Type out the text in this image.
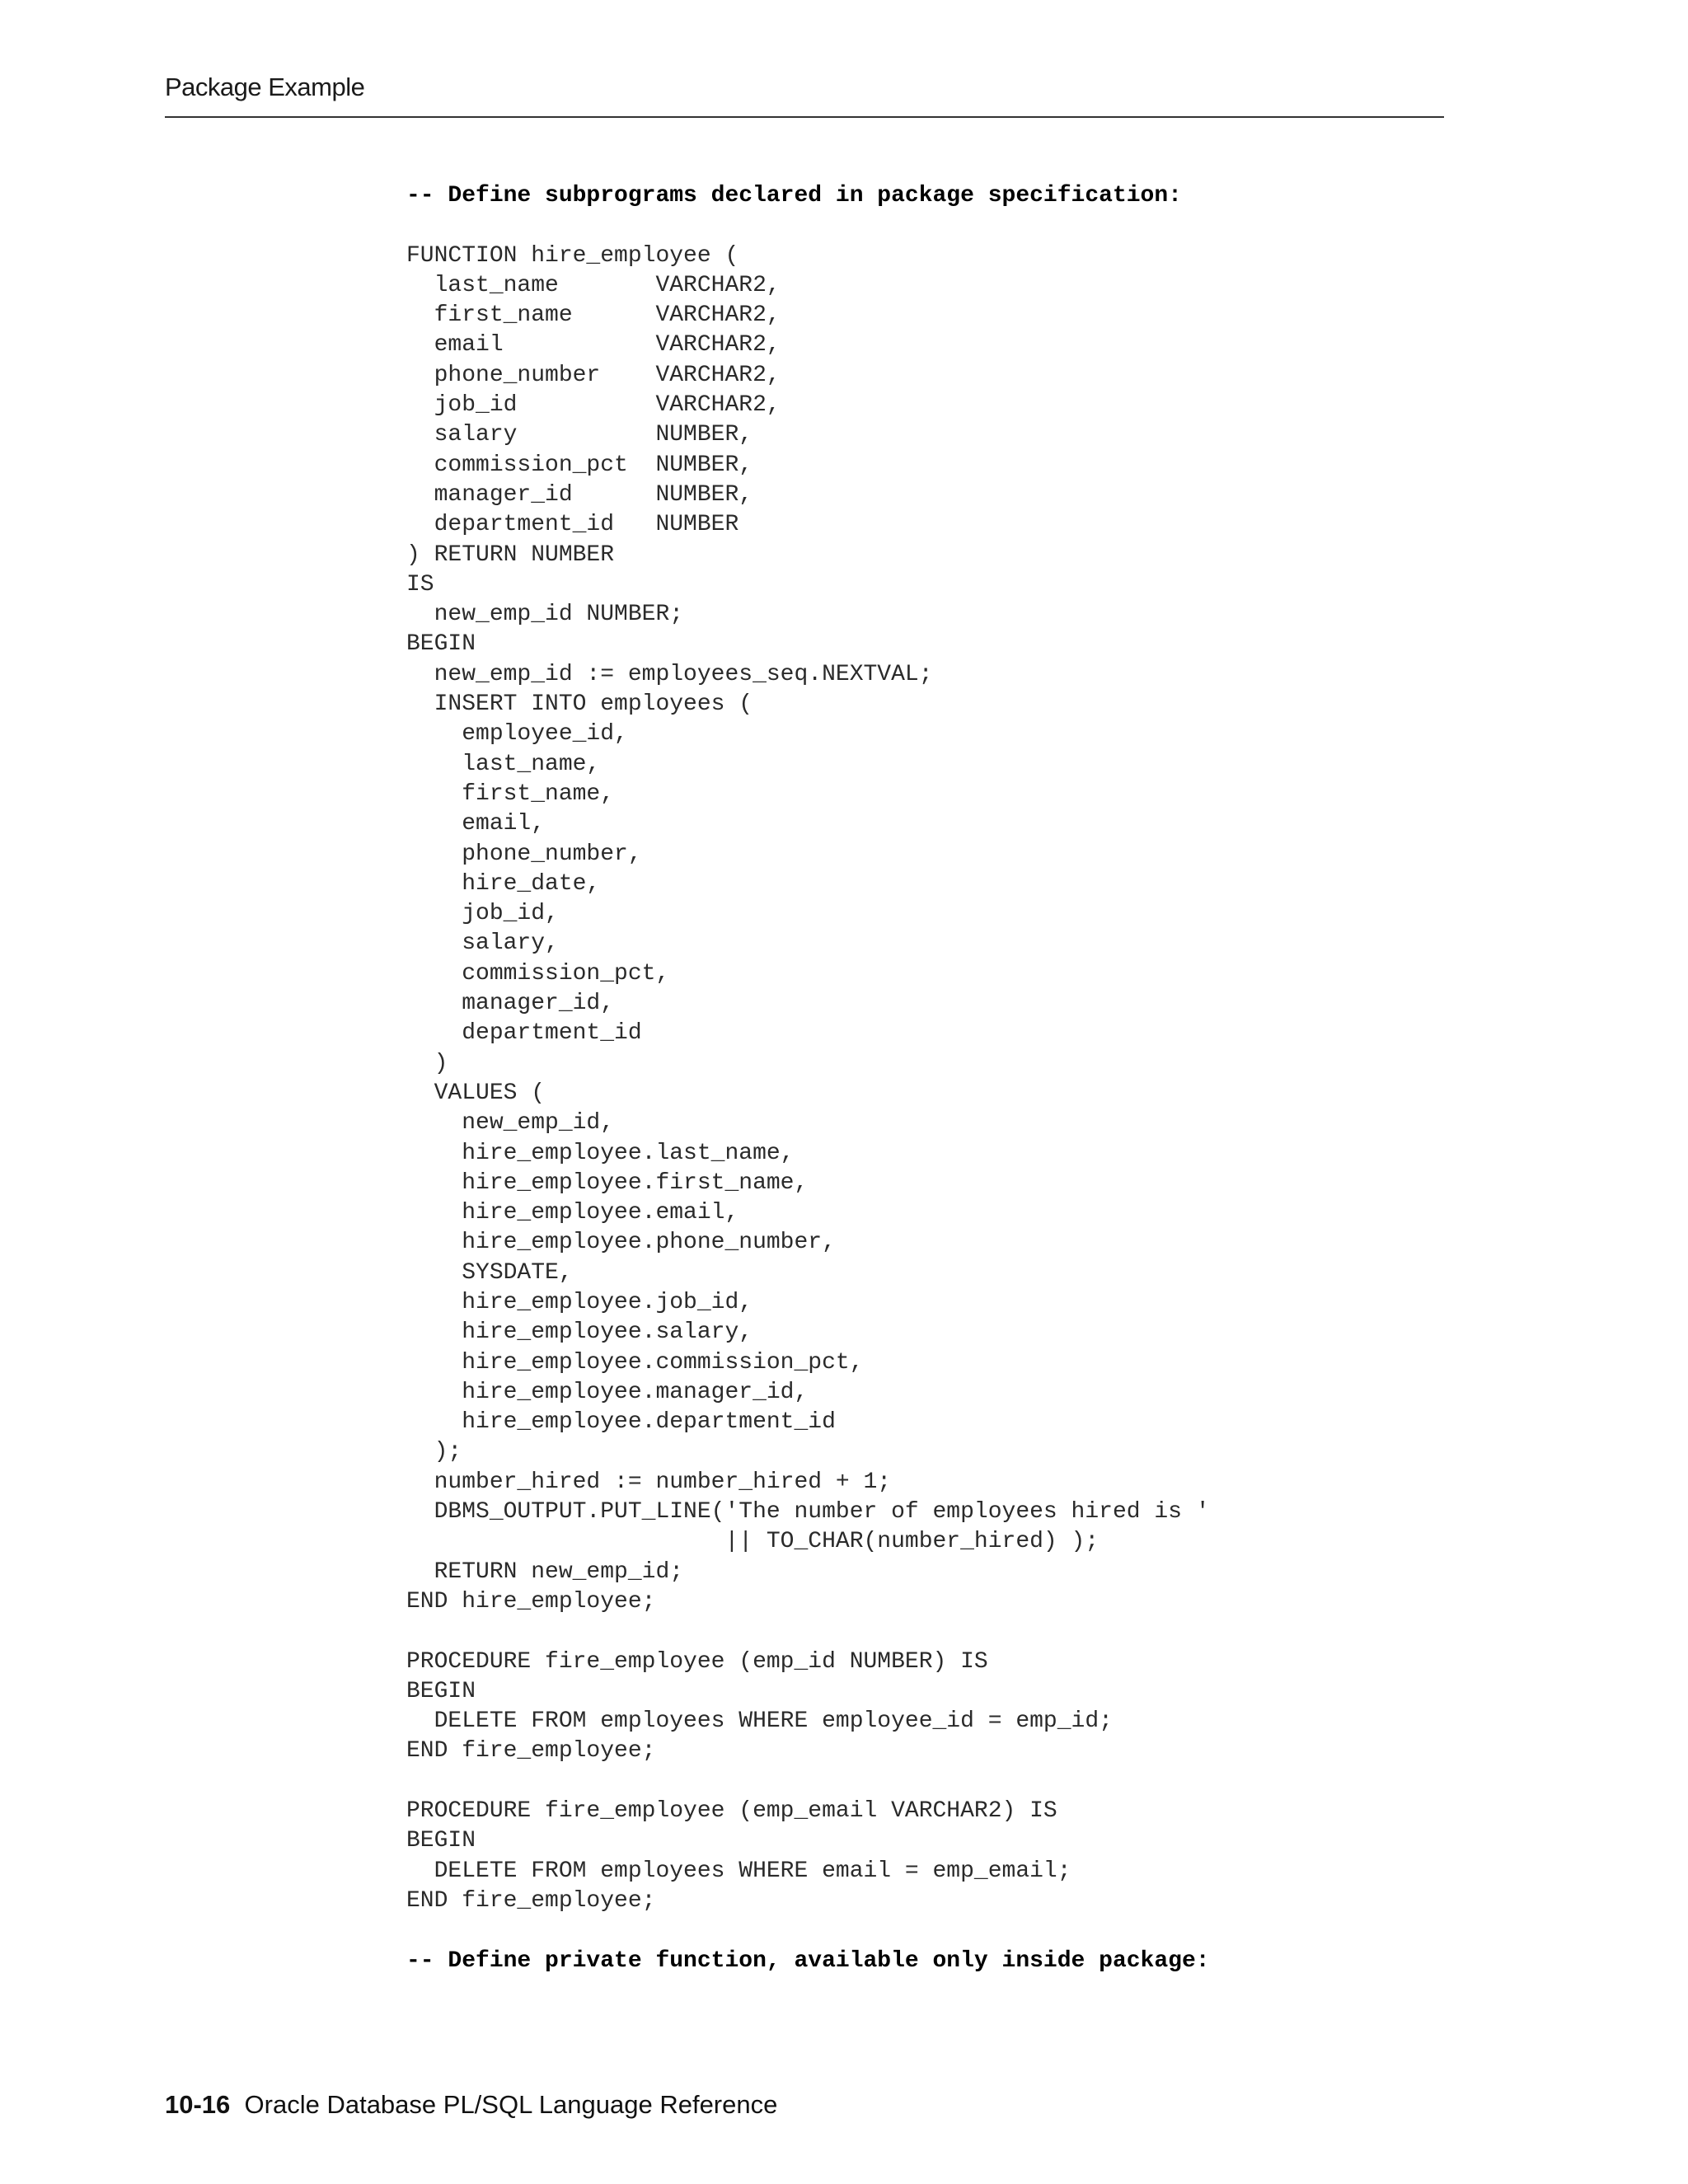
Package Example
-- Define subprograms declared in package specification:

FUNCTION hire_employee (
last_name       VARCHAR2,
first_name      VARCHAR2,
email           VARCHAR2,
phone_number    VARCHAR2,
job_id          VARCHAR2,
salary          NUMBER,
commission_pct  NUMBER,
manager_id      NUMBER,
department_id   NUMBER
) RETURN NUMBER
IS
new_emp_id NUMBER;
BEGIN
new_emp_id := employees_seq.NEXTVAL;
INSERT INTO employees (
employee_id,
last_name,
first_name,
email,
phone_number,
hire_date,
job_id,
salary,
commission_pct,
manager_id,
department_id
)
VALUES (
new_emp_id,
hire_employee.last_name,
hire_employee.first_name,
hire_employee.email,
hire_employee.phone_number,
SYSDATE,
hire_employee.job_id,
hire_employee.salary,
hire_employee.commission_pct,
hire_employee.manager_id,
hire_employee.department_id
);
number_hired := number_hired + 1;
DBMS_OUTPUT.PUT_LINE('The number of employees hired is '
|| TO_CHAR(number_hired) );
RETURN new_emp_id;
END hire_employee;

PROCEDURE fire_employee (emp_id NUMBER) IS
BEGIN
DELETE FROM employees WHERE employee_id = emp_id;
END fire_employee;

PROCEDURE fire_employee (emp_email VARCHAR2) IS
BEGIN
DELETE FROM employees WHERE email = emp_email;
END fire_employee;

-- Define private function, available only inside package:
10-16 Oracle Database PL/SQL Language Reference
